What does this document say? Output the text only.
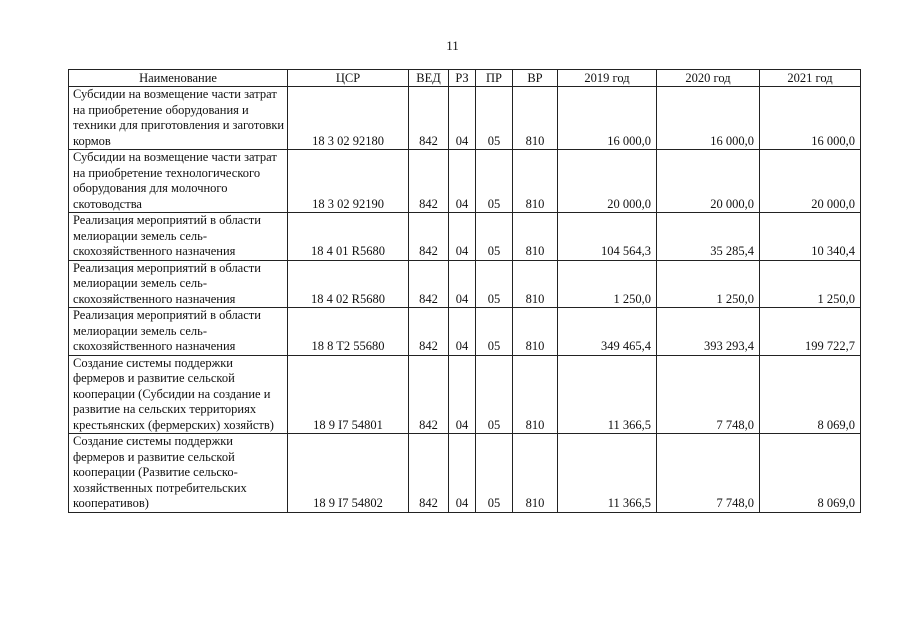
11
Наименование	ЦСР	ВЕД	РЗ	ПР	ВР	2019 год	2020 год	2021 год
Субсидии на возмещение части затрат на приобретение оборудования и техники для приготовления и заготовки кормов	18 3 02 92180	842	04	05	810	16 000,0	16 000,0	16 000,0
Субсидии на возмещение части затрат на приобретение технологического оборудования для молочного скотоводства	18 3 02 92190	842	04	05	810	20 000,0	20 000,0	20 000,0
Реализация мероприятий в области мелиорации земель сельскохозяйственного назначения	18 4 01 R5680	842	04	05	810	104 564,3	35 285,4	10 340,4
Реализация мероприятий в области мелиорации земель сельскохозяйственного назначения	18 4 02 R5680	842	04	05	810	1 250,0	1 250,0	1 250,0
Реализация мероприятий в области мелиорации земель сельскохозяйственного назначения	18 8 T2 55680	842	04	05	810	349 465,4	393 293,4	199 722,7
Создание системы поддержки фермеров и развитие сельской кооперации (Субсидии на создание и развитие на сельских территориях крестьянских (фермерских) хозяйств)	18 9 I7 54801	842	04	05	810	11 366,5	7 748,0	8 069,0
Создание системы поддержки фермеров и развитие сельской кооперации (Развитие сельскохозяйственных потребительских кооперативов)	18 9 I7 54802	842	04	05	810	11 366,5	7 748,0	8 069,0
